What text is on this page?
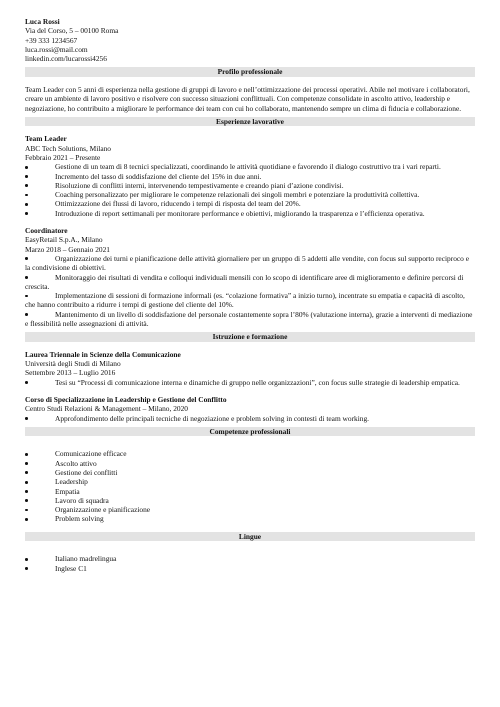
Luca Rossi
Via del Corso, 5 – 00100 Roma
+39 333 1234567
luca.rossi@mail.com
linkedin.com/lucarossi4256
Profilo professionale
Team Leader con 5 anni di esperienza nella gestione di gruppi di lavoro e nell’ottimizzazione dei processi operativi. Abile nel motivare i collaboratori, creare un ambiente di lavoro positivo e risolvere con successo situazioni conflittuali. Con competenze consolidate in ascolto attivo, leadership e negoziazione, ho contribuito a migliorare le performance dei team con cui ho collaborato, mantenendo sempre un clima di fiducia e collaborazione.
Esperienze lavorative
Team Leader
ABC Tech Solutions, Milano
Febbraio 2021 – Presente
Gestione di un team di 8 tecnici specializzati, coordinando le attività quotidiane e favorendo il dialogo costruttivo tra i vari reparti.
Incremento del tasso di soddisfazione del cliente del 15% in due anni.
Risoluzione di conflitti interni, intervenendo tempestivamente e creando piani d’azione condivisi.
Coaching personalizzato per migliorare le competenze relazionali dei singoli membri e potenziare la produttività collettiva.
Ottimizzazione dei flussi di lavoro, riducendo i tempi di risposta del team del 20%.
Introduzione di report settimanali per monitorare performance e obiettivi, migliorando la trasparenza e l’efficienza operativa.
Coordinatore
EasyRetail S.p.A., Milano
Marzo 2018 – Gennaio 2021
Organizzazione dei turni e pianificazione delle attività giornaliere per un gruppo di 5 addetti alle vendite, con focus sul supporto reciproco e la condivisione di obiettivi.
Monitoraggio dei risultati di vendita e colloqui individuali mensili con lo scopo di identificare aree di miglioramento e definire percorsi di crescita.
Implementazione di sessioni di formazione informali (es. “colazione formativa” a inizio turno), incentrate su empatia e capacità di ascolto, che hanno contribuito a ridurre i tempi di gestione del cliente del 10%.
Mantenimento di un livello di soddisfazione del personale costantemente sopra l’80% (valutazione interna), grazie a interventi di mediazione e flessibilità nelle assegnazioni di attività.
Istruzione e formazione
Laurea Triennale in Scienze della Comunicazione
Università degli Studi di Milano
Settembre 2013 – Luglio 2016
Tesi su “Processi di comunicazione interna e dinamiche di gruppo nelle organizzazioni”, con focus sulle strategie di leadership empatica.
Corso di Specializzazione in Leadership e Gestione del Conflitto
Centro Studi Relazioni & Management – Milano, 2020
Approfondimento delle principali tecniche di negoziazione e problem solving in contesti di team working.
Competenze professionali
Comunicazione efficace
Ascolto attivo
Gestione dei conflitti
Leadership
Empatia
Lavoro di squadra
Organizzazione e pianificazione
Problem solving
Lingue
Italiano madrelingua
Inglese C1
